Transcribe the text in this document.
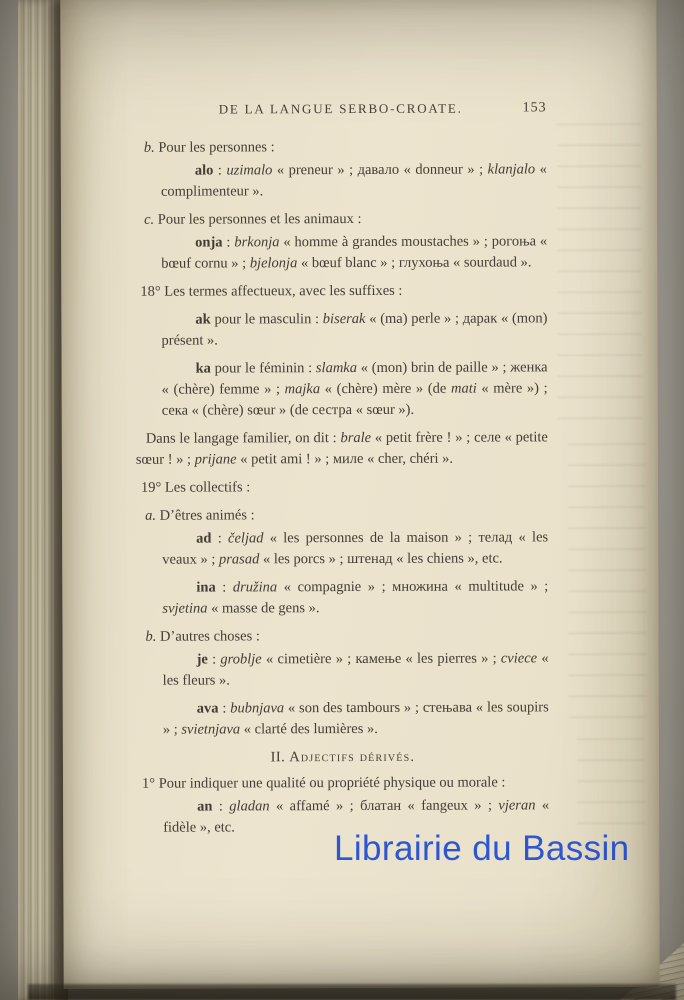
DE LA LANGUE SERBO-CROATE.	153

b. Pour les personnes :

alo : uzimalo « preneur » ; давало « donneur » ; klanjalo « complimenteur ».

c. Pour les personnes et les animaux :

onja : brkonja « homme à grandes moustaches » ; рогоња « bœuf cornu » ; bjelonja « bœuf blanc » ; глухоња « sourdaud ».

18° Les termes affectueux, avec les suffixes :

ak pour le masculin : biserak « (ma) perle » ; дарак « (mon) présent ».

ka pour le féminin : slamka « (mon) brin de paille » ; женка « (chère) femme » ; majka « (chère) mère » (de mati « mère ») ; сека « (chère) sœur » (de сестра « sœur »).

Dans le langage familier, on dit : brale « petit frère ! » ; селе « petite sœur ! » ; prijane « petit ami ! » ; миле « cher, chéri ».

19° Les collectifs :

a. D’êtres animés :

ad : čeljad « les personnes de la maison » ; телад « les veaux » ; prasad « les porcs » ; штенад « les chiens », etc.

ina : družina « compagnie » ; множина « multitude » ; svjetina « masse de gens ».

b. D’autres choses :

je : groblje « cimetière » ; камење « les pierres » ; cviece « les fleurs ».

ava : bubnjava « son des tambours » ; стењава « les soupirs » ; svietnjava « clarté des lumières ».

II. Adjectifs dérivés.

1° Pour indiquer une qualité ou propriété physique ou morale :

an : gladan « affamé » ; блатан « fangeux » ; vjeran « fidèle », etc.

Librairie du Bassin
